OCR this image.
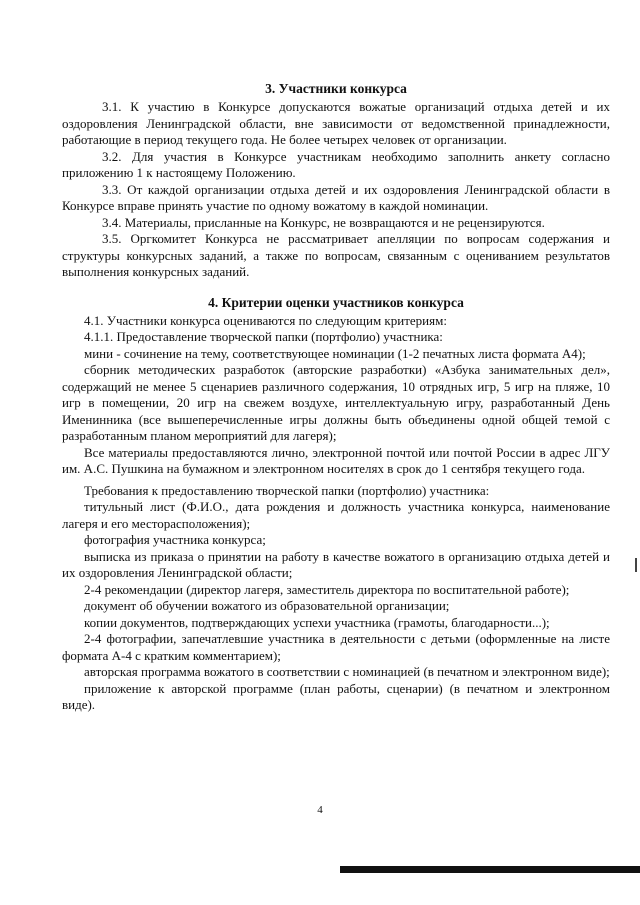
3. Участники конкурса

3.1. К участию в Конкурсе допускаются вожатые организаций отдыха детей и их оздоровления Ленинградской области, вне зависимости от ведомственной принадлежности, работающие в период текущего года. Не более четырех человек от организации.

3.2. Для участия в Конкурсе участникам необходимо заполнить анкету согласно приложению 1 к настоящему Положению.

3.3. От каждой организации отдыха детей и их оздоровления Ленинградской области в Конкурсе вправе принять участие по одному вожатому в каждой номинации.

3.4. Материалы, присланные на Конкурс, не возвращаются и не рецензируются.

3.5. Оргкомитет Конкурса не рассматривает апелляции по вопросам содержания и структуры конкурсных заданий, а также по вопросам, связанным с оцениванием результатов выполнения конкурсных заданий.

4. Критерии оценки участников конкурса

4.1. Участники конкурса оцениваются по следующим критериям:

4.1.1. Предоставление творческой папки (портфолио) участника:

мини - сочинение на тему, соответствующее номинации (1-2 печатных листа формата А4);

сборник методических разработок (авторские разработки) «Азбука занимательных дел», содержащий не менее 5 сценариев различного содержания, 10 отрядных игр, 5 игр на пляже, 10 игр в помещении, 20 игр на свежем воздухе, интеллектуальную игру, разработанный День Именинника (все вышеперечисленные игры должны быть объединены одной общей темой с разработанным планом мероприятий для лагеря);

Все материалы предоставляются лично, электронной почтой или почтой России в адрес ЛГУ им. А.С. Пушкина на бумажном и электронном носителях в срок до 1 сентября текущего года.

Требования к предоставлению творческой папки (портфолио) участника:

титульный лист (Ф.И.О., дата рождения и должность участника конкурса, наименование лагеря и его месторасположения);

фотография участника конкурса;

выписка из приказа о принятии на работу в качестве вожатого в организацию отдыха детей и их оздоровления Ленинградской области;

2-4 рекомендации (директор лагеря, заместитель директора по воспитательной работе);

документ об обучении вожатого из образовательной организации;

копии документов, подтверждающих успехи участника (грамоты, благодарности...);

2-4 фотографии, запечатлевшие участника в деятельности с детьми (оформленные на листе формата А-4 с кратким комментарием);

авторская программа вожатого в соответствии с номинацией (в печатном и электронном виде);

приложение к авторской программе (план работы, сценарии) (в печатном и электронном виде).

4
